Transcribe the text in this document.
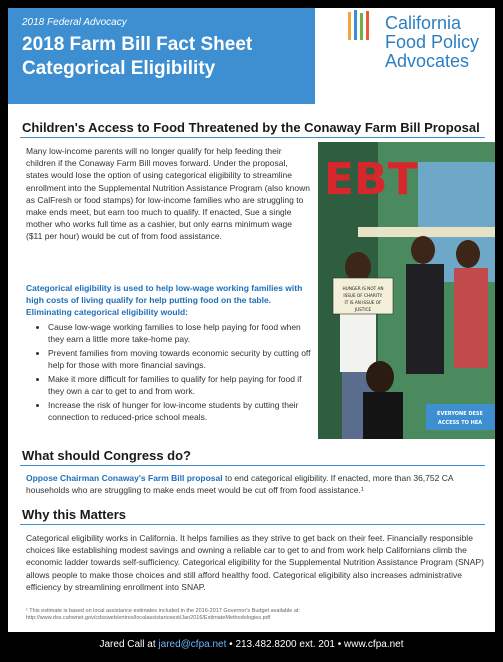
2018 Federal Advocacy
2018 Farm Bill Fact Sheet
Categorical Eligibility
California
Food Policy
Advocates
Children's Access to Food Threatened by the Conaway Farm Bill Proposal
Many low-income parents will no longer qualify for help feeding their children if the Conaway Farm Bill moves forward. Under the proposal, states would lose the option of using categorical eligibility to streamline enrollment into the Supplemental Nutrition Assistance Program (also known as CalFresh or food stamps) for low-income families who are struggling to make ends meet, but earn too much to qualify. If enacted, Sue a single mother who works full time as a cashier, but only earns minimum wage ($11 per hour) would be cut of from food assistance.
Categorical eligibility is used to help low-wage working families with high costs of living qualify for help putting food on the table. Eliminating categorical eligibility would:
• Cause low-wage working families to lose help paying for food when they earn a little more take-home pay.
• Prevent families from moving towards economic security by cutting off help for those with more financial savings.
• Make it more difficult for families to qualify for help paying for food if they own a car to get to and from work.
• Increase the risk of hunger for low-income students by cutting their connection to reduced-price school meals.
EBT
HUNGER IS NOT AN
ISSUE OF CHARITY.
IT IS AN ISSUE OF
JUSTICE
EVERYONE DESE
ACCESS TO HEA
What should Congress do?
Oppose Chairman Conaway's Farm Bill proposal to end categorical eligibility. If enacted, more than 36,752 CA households who are struggling to make ends meet would be cut off from food assistance.¹
Why this Matters
Categorical eligibility works in California. It helps families as they strive to get back on their feet. Financially responsible choices like establishing modest savings and owning a reliable car to get to and from work help Californians climb the economic ladder towards self-sufficiency. Categorical eligibility for the Supplemental Nutrition Assistance Program (SNAP) allows people to make those choices and still afford healthy food. Categorical eligibility also increases administrative efficiency by streamlining enrollment into SNAP.
¹ This estimate is based on local assistance estimates included in the 2016-2017 Governor's Budget available at: http://www.dss.cahwnet.gov/cdssweb/entres/localassistanceest/Jan2016/EstimateMethodologies.pdf
Jared Call at jared@cfpa.net • 213.482.8200 ext. 201 • www.cfpa.net
